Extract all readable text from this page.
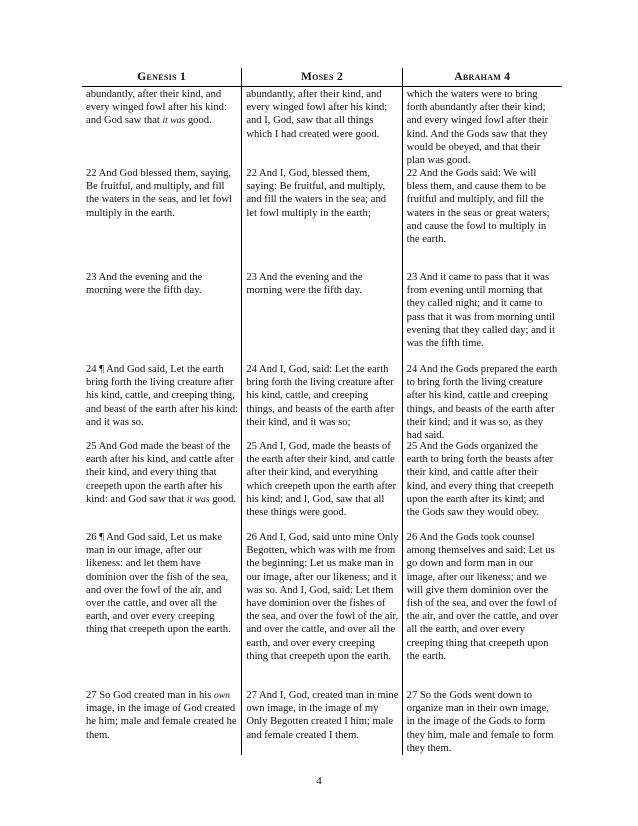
Genesis 1	Moses 2	Abraham 4
abundantly, after their kind, and every winged fowl after his kind: and God saw that it was good.
22 And God blessed them, saying, Be fruitful, and multiply, and fill the waters in the seas, and let fowl multiply in the earth.
23 And the evening and the morning were the fifth day.
24 ¶ And God said, Let the earth bring forth the living creature after his kind, cattle, and creeping thing, and beast of the earth after his kind: and it was so.
25 And God made the beast of the earth after his kind, and cattle after their kind, and every thing that creepeth upon the earth after his kind: and God saw that it was good.
26 ¶ And God said, Let us make man in our image, after our likeness: and let them have dominion over the fish of the sea, and over the fowl of the air, and over the cattle, and over all the earth, and over every creeping thing that creepeth upon the earth.
27 So God created man in his own image, in the image of God created he him; male and female created he them.
abundantly, after their kind, and every winged fowl after his kind; and I, God, saw that all things which I had created were good.
22 And I, God, blessed them, saying: Be fruitful, and multiply, and fill the waters in the sea; and let fowl multiply in the earth;
23 And the evening and the morning were the fifth day.
24 And I, God, said: Let the earth bring forth the living creature after his kind, cattle, and creeping things, and beasts of the earth after their kind, and it was so;
25 And I, God, made the beasts of the earth after their kind, and cattle after their kind, and everything which creepeth upon the earth after his kind; and I, God, saw that all these things were good.
26 And I, God, said unto mine Only Begotten, which was with me from the beginning: Let us make man in our image, after our likeness; and it was so. And I, God, said: Let them have dominion over the fishes of the sea, and over the fowl of the air, and over the cattle, and over all the earth, and over every creeping thing that creepeth upon the earth.
27 And I, God, created man in mine own image, in the image of my Only Begotten created I him; male and female created I them.
which the waters were to bring forth abundantly after their kind; and every winged fowl after their kind. And the Gods saw that they would be obeyed, and that their plan was good.
22 And the Gods said: We will bless them, and cause them to be fruitful and multiply, and fill the waters in the seas or great waters; and cause the fowl to multiply in the earth.
23 And it came to pass that it was from evening until morning that they called night; and it came to pass that it was from morning until evening that they called day; and it was the fifth time.
24 And the Gods prepared the earth to bring forth the living creature after his kind, cattle and creeping things, and beasts of the earth after their kind; and it was so, as they had said.
25 And the Gods organized the earth to bring forth the beasts after their kind, and cattle after their kind, and every thing that creepeth upon the earth after its kind; and the Gods saw they would obey.
26 And the Gods took counsel among themselves and said: Let us go down and form man in our image, after our likeness; and we will give them dominion over the fish of the sea, and over the fowl of the air, and over the cattle, and over all the earth, and over every creeping thing that creepeth upon the earth.
27 So the Gods went down to organize man in their own image, in the image of the Gods to form they him, male and female to form they them.
4
